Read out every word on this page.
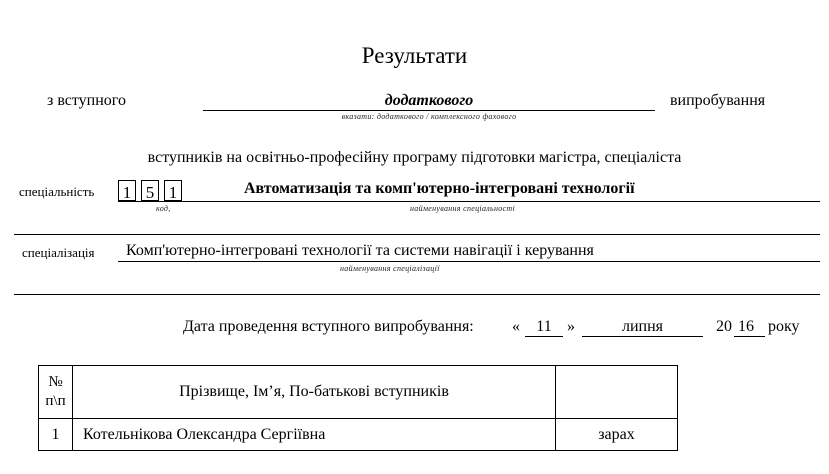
Результати
з вступного	додаткового
вказати: додаткового / комплексного фахового
випробування
вступників на освітньо-професійну програму підготовки магістра, спеціаліста
спеціальність 1 5 1	Автоматизація та комп'ютерно-інтегровані технології
код,	найменування спеціальності
спеціалізація Комп'ютерно-інтегровані технології та системи навігації і керування
найменування спеціалізації
Дата проведення вступного випробування: «	11 »	липня	20 16 року
№ п\п	Прізвище, Ім’я, По-батькові вступників	
1	Котельнікова Олександра Сергіївна	зарах
